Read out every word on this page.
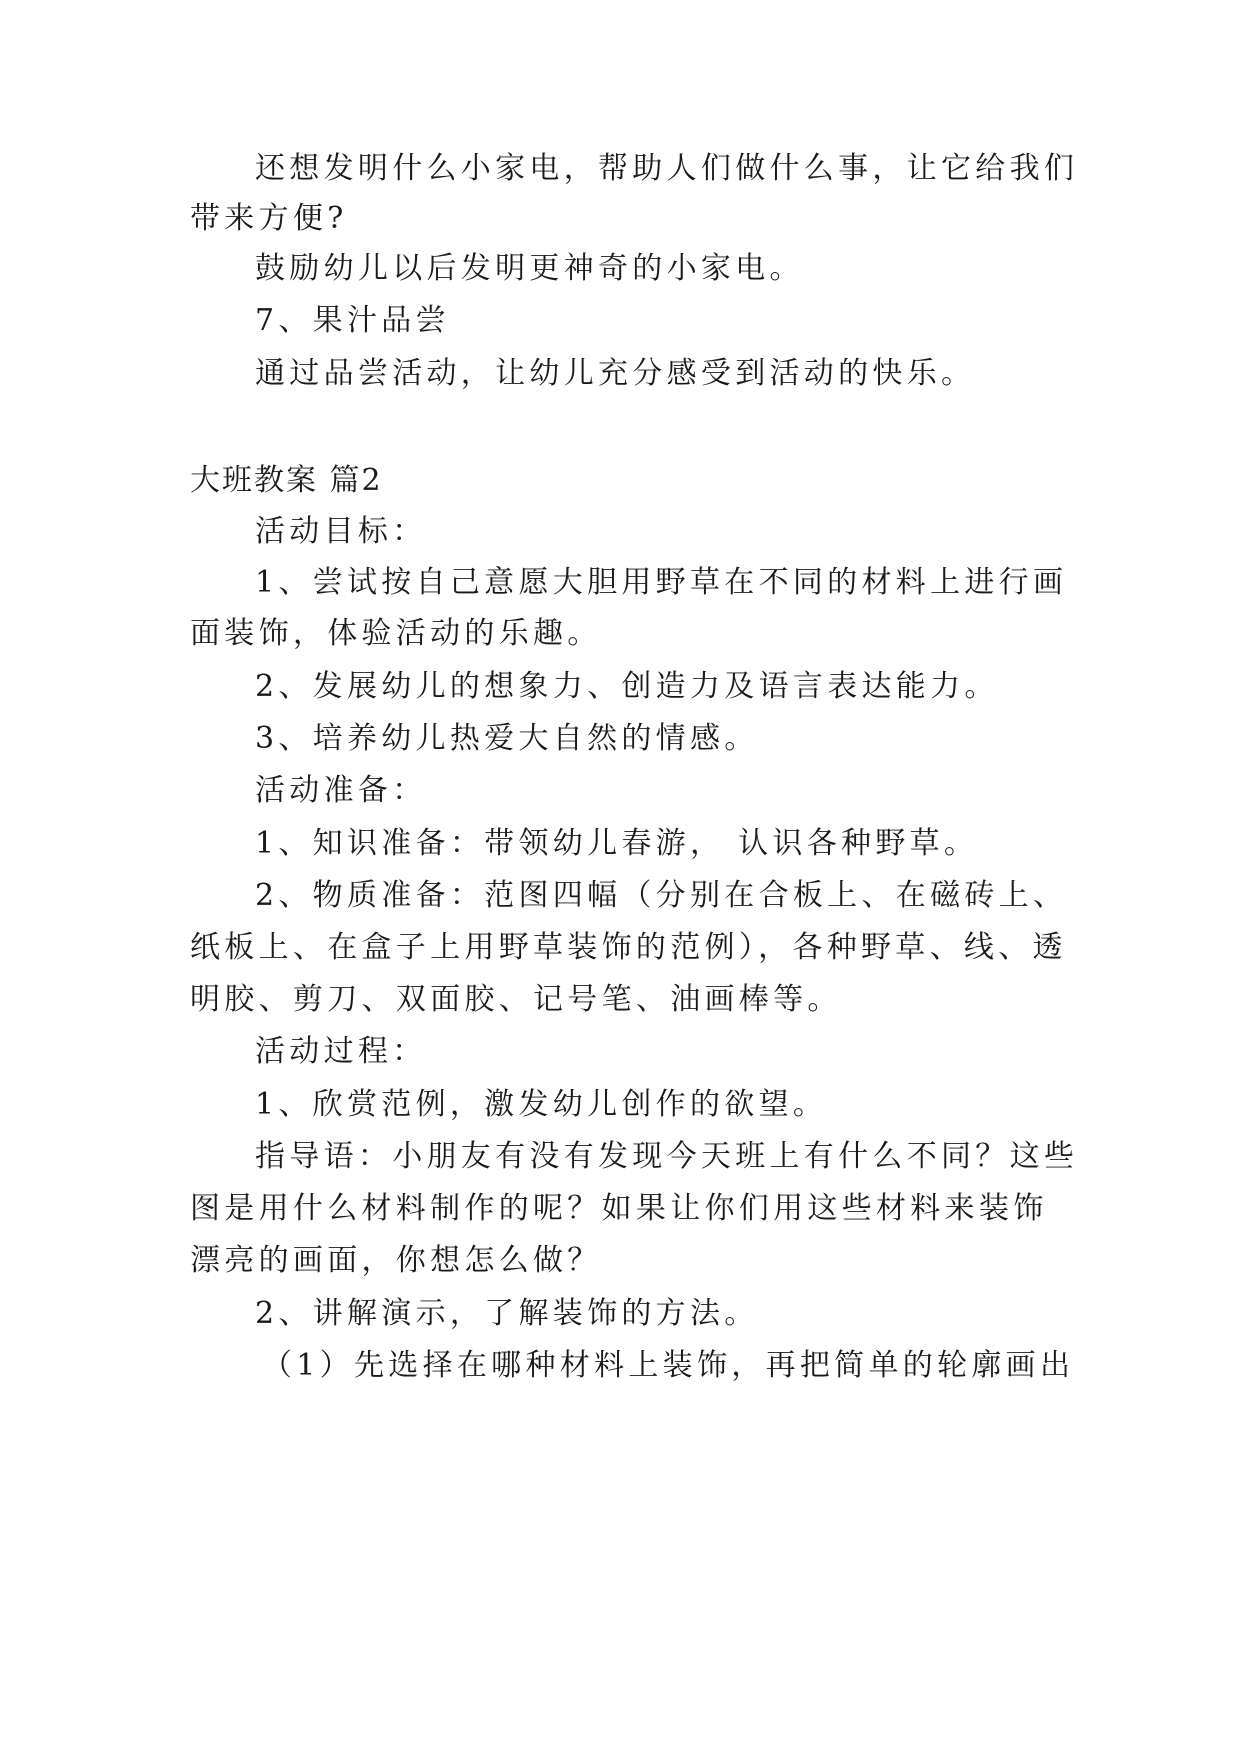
还想发明什么小家电，帮助人们做什么事，让它给我们
带来方便?
鼓励幼儿以后发明更神奇的小家电。
7、果汁品尝
通过品尝活动，让幼儿充分感受到活动的快乐。
大班教案 篇2
活动目标：
1、尝试按自己意愿大胆用野草在不同的材料上进行画
面装饰，体验活动的乐趣。
2、发展幼儿的想象力、创造力及语言表达能力。
3、培养幼儿热爱大自然的情感。
活动准备：
1、知识准备：带领幼儿春游， 认识各种野草。
2、物质准备：范图四幅（分别在合板上、在磁砖上、
纸板上、在盒子上用野草装饰的范例），各种野草、线、透
明胶、剪刀、双面胶、记号笔、油画棒等。
活动过程：
1、欣赏范例，激发幼儿创作的欲望。
指导语：小朋友有没有发现今天班上有什么不同？这些
图是用什么材料制作的呢？如果让你们用这些材料来装饰
漂亮的画面，你想怎么做？
2、讲解演示，了解装饰的方法。
（1）先选择在哪种材料上装饰，再把简单的轮廓画出
